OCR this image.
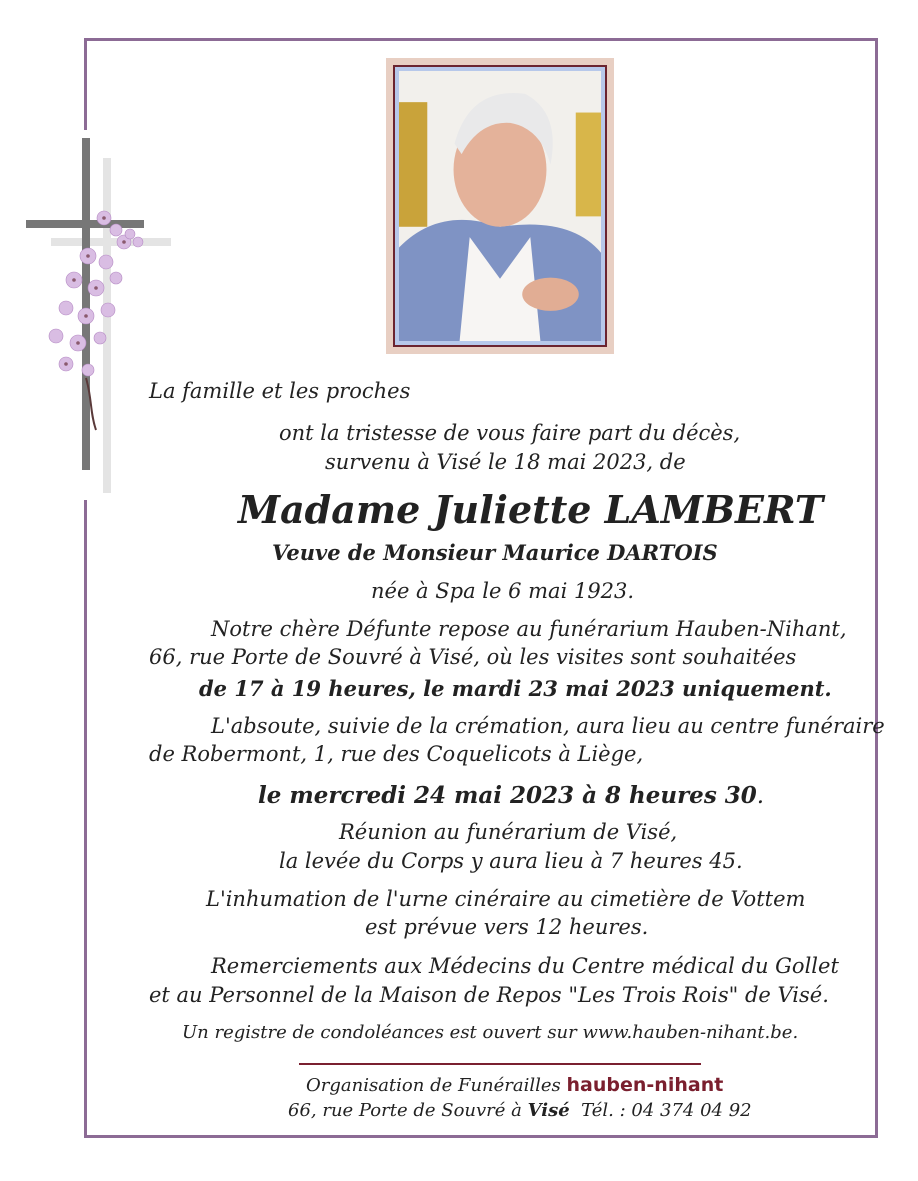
La famille et les proches
ont la tristesse de vous faire part du décès,
survenu à Visé le 18 mai 2023, de
Madame Juliette LAMBERT
Veuve de Monsieur Maurice DARTOIS
née à Spa le 6 mai 1923.
Notre chère Défunte repose au funérarium Hauben-Nihant,
66, rue Porte de Souvré à Visé, où les visites sont souhaitées
de 17 à 19 heures, le mardi 23 mai 2023 uniquement.
L'absoute, suivie de la crémation, aura lieu au centre funéraire
de Robermont, 1, rue des Coquelicots à Liège,
le mercredi 24 mai 2023 à 8 heures 30.
Réunion au funérarium de Visé,
la levée du Corps y aura lieu à 7 heures 45.
L'inhumation de l'urne cinéraire au cimetière de Vottem
est prévue vers 12 heures.
Remerciements aux Médecins du Centre médical du Gollet
et au Personnel de la Maison de Repos "Les Trois Rois" de Visé.
Un registre de condoléances est ouvert sur www.hauben-nihant.be.
Organisation de Funérailles hauben-nihant
66, rue Porte de Souvré à Visé Tél. : 04 374 04 92
